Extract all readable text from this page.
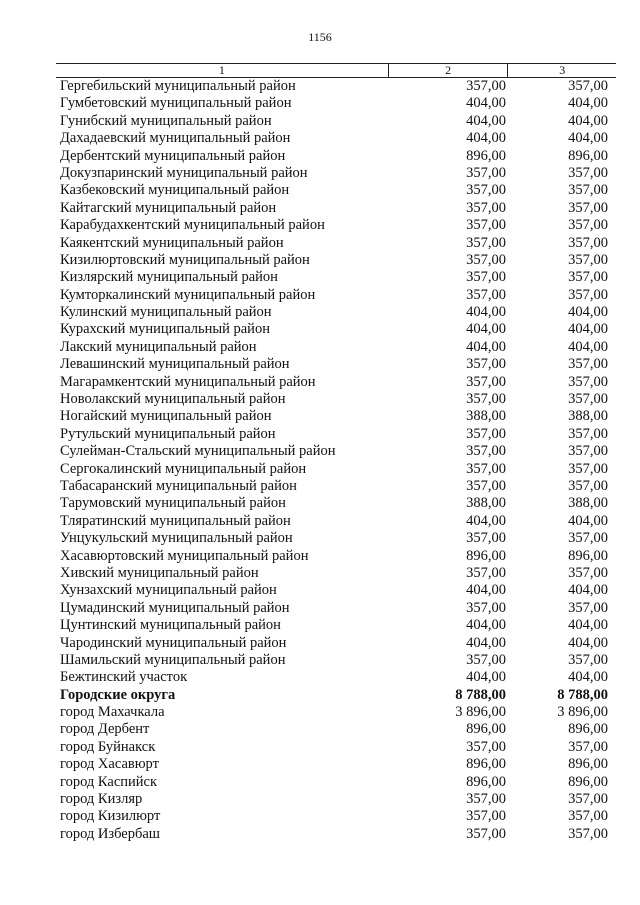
1156
1	2	3
Гергебильский муниципальный район	357,00	357,00
Гумбетовский муниципальный район	404,00	404,00
Гунибский муниципальный район	404,00	404,00
Дахадаевский муниципальный район	404,00	404,00
Дербентский муниципальный район	896,00	896,00
Докузпаринский муниципальный район	357,00	357,00
Казбековский муниципальный район	357,00	357,00
Кайтагский муниципальный район	357,00	357,00
Карабудахкентский муниципальный район	357,00	357,00
Каякентский муниципальный район	357,00	357,00
Кизилюртовский муниципальный район	357,00	357,00
Кизлярский муниципальный район	357,00	357,00
Кумторкалинский муниципальный район	357,00	357,00
Кулинский муниципальный район	404,00	404,00
Курахский муниципальный район	404,00	404,00
Лакский муниципальный район	404,00	404,00
Левашинский муниципальный район	357,00	357,00
Магарамкентский муниципальный район	357,00	357,00
Новолакский муниципальный район	357,00	357,00
Ногайский муниципальный район	388,00	388,00
Рутульский муниципальный район	357,00	357,00
Сулейман-Стальский муниципальный район	357,00	357,00
Сергокалинский муниципальный район	357,00	357,00
Табасаранский муниципальный район	357,00	357,00
Тарумовский муниципальный район	388,00	388,00
Тляратинский муниципальный район	404,00	404,00
Унцукульский муниципальный район	357,00	357,00
Хасавюртовский муниципальный район	896,00	896,00
Хивский муниципальный район	357,00	357,00
Хунзахский муниципальный район	404,00	404,00
Цумадинский муниципальный район	357,00	357,00
Цунтинский муниципальный район	404,00	404,00
Чародинский муниципальный район	404,00	404,00
Шамильский муниципальный район	357,00	357,00
Бежтинский участок	404,00	404,00
Городские округа	8 788,00	8 788,00
город Махачкала	3 896,00	3 896,00
город Дербент	896,00	896,00
город Буйнакск	357,00	357,00
город Хасавюрт	896,00	896,00
город Каспийск	896,00	896,00
город Кизляр	357,00	357,00
город Кизилюрт	357,00	357,00
город Избербаш	357,00	357,00
